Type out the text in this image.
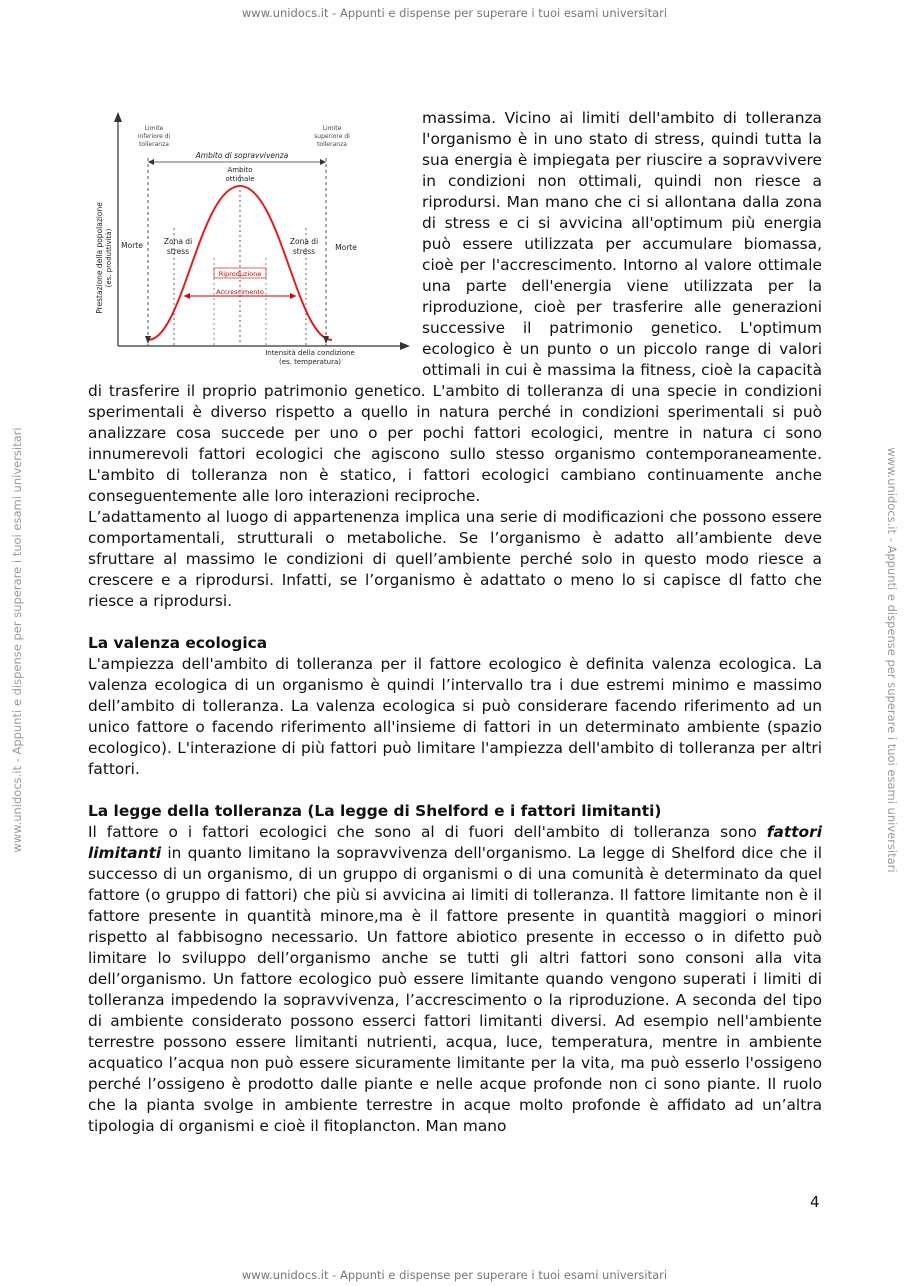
www.unidocs.it - Appunti e dispense per superare i tuoi esami universitari
www.unidocs.it - Appunti e dispense per superare i tuoi esami universitari	www.unidocs.it - Appunti e dispense per superare i tuoi esami universitari
Prestazione della popolazione (es. produttività)
Limite
inferiore di
tolleranza
Limite
superiore di
tolleranza
Ambito di sopravvivenza
Ambito
ottimale
Morte	Morte
Zona di
stress
Zona di
stress
Riproduzione
Accrescimento
Intensità della condizione
(es. temperatura)

massima. Vicino ai limiti dell'ambito di tolleranza l'organismo è in uno stato di stress, quindi tutta la sua energia è impiegata per riuscire a sopravvivere in condizioni non ottimali, quindi non riesce a riprodursi. Man mano che ci si allontana dalla zona di stress e ci si avvicina all'optimum più energia può essere utilizzata per accumulare biomassa, cioè per l'accrescimento. Intorno al valore ottimale una parte dell'energia viene utilizzata per la riproduzione, cioè per trasferire alle generazioni successive il patrimonio genetico. L'optimum ecologico è un punto o un piccolo range di valori ottimali in cui è massima la fitness, cioè la capacità di trasferire il proprio patrimonio genetico. L'ambito di tolleranza di una specie in condizioni sperimentali è diverso rispetto a quello in natura perché in condizioni sperimentali si può analizzare cosa succede per uno o per pochi fattori ecologici, mentre in natura ci sono innumerevoli fattori ecologici che agiscono sullo stesso organismo contemporaneamente. L'ambito di tolleranza non è statico, i fattori ecologici cambiano continuamente anche conseguentemente alle loro interazioni reciproche.

L’adattamento al luogo di appartenenza implica una serie di modificazioni che possono essere comportamentali, strutturali o metaboliche. Se l’organismo è adatto all’ambiente deve sfruttare al massimo le condizioni di quell’ambiente perché solo in questo modo riesce a crescere e a riprodursi. Infatti, se l’organismo è adattato o meno lo si capisce dl fatto che riesce a riprodursi.

La valenza ecologica

L'ampiezza dell'ambito di tolleranza per il fattore ecologico è definita valenza ecologica. La valenza ecologica di un organismo è quindi l’intervallo tra i due estremi minimo e massimo dell’ambito di tolleranza. La valenza ecologica si può considerare facendo riferimento ad un unico fattore o facendo riferimento all'insieme di fattori in un determinato ambiente (spazio ecologico). L'interazione di più fattori può limitare l'ampiezza dell'ambito di tolleranza per altri fattori.

La legge della tolleranza (La legge di Shelford e i fattori limitanti)

Il fattore o i fattori ecologici che sono al di fuori dell'ambito di tolleranza sono fattori limitanti in quanto limitano la sopravvivenza dell'organismo. La legge di Shelford dice che il successo di un organismo, di un gruppo di organismi o di una comunità è determinato da quel fattore (o gruppo di fattori) che più si avvicina ai limiti di tolleranza. Il fattore limitante non è il fattore presente in quantità minore,ma è il fattore presente in quantità maggiori o minori rispetto al fabbisogno necessario. Un fattore abiotico presente in eccesso o in difetto può limitare lo sviluppo dell’organismo anche se tutti gli altri fattori sono consoni alla vita dell’organismo. Un fattore ecologico può essere limitante quando vengono superati i limiti di tolleranza impedendo la sopravvivenza, l’accrescimento o la riproduzione. A seconda del tipo di ambiente considerato possono esserci fattori limitanti diversi. Ad esempio nell'ambiente terrestre possono essere limitanti nutrienti, acqua, luce, temperatura, mentre in ambiente acquatico l’acqua non può essere sicuramente limitante per la vita, ma può esserlo l'ossigeno perché l’ossigeno è prodotto dalle piante e nelle acque profonde non ci sono piante. Il ruolo che la pianta svolge in ambiente terrestre in acque molto profonde è affidato ad un’altra tipologia di organismi e cioè il fitoplancton. Man mano

4
www.unidocs.it - Appunti e dispense per superare i tuoi esami universitari
